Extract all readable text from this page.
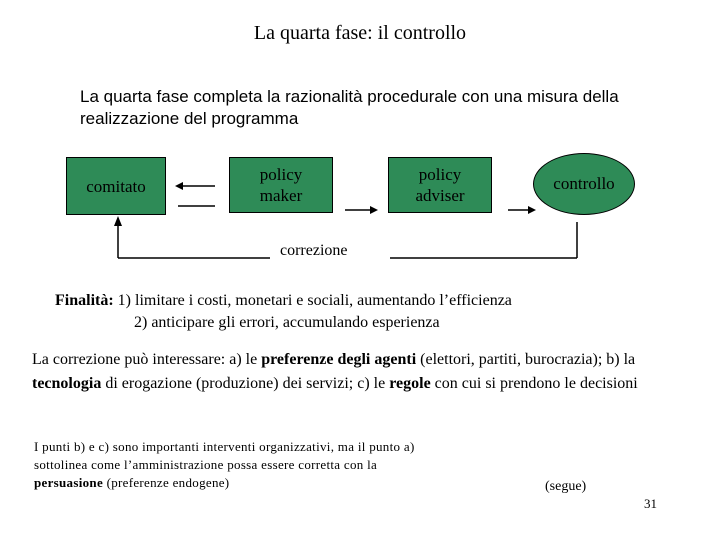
La quarta fase: il controllo
La quarta fase completa la razionalità procedurale con una misura della realizzazione del programma
comitato
policy maker
policy adviser
controllo
correzione
Finalità: 1) limitare i costi, monetari e sociali, aumentando l’efficienza
2) anticipare gli errori, accumulando esperienza
La correzione può interessare: a) le preferenze degli agenti (elettori, partiti, burocrazia); b) la tecnologia di erogazione (produzione) dei servizi; c) le regole con cui si prendono le decisioni
I punti b) e c) sono importanti interventi organizzativi, ma il punto a) sottolinea come l’amministrazione possa essere corretta con la persuasione (preferenze endogene)	(segue)
31
